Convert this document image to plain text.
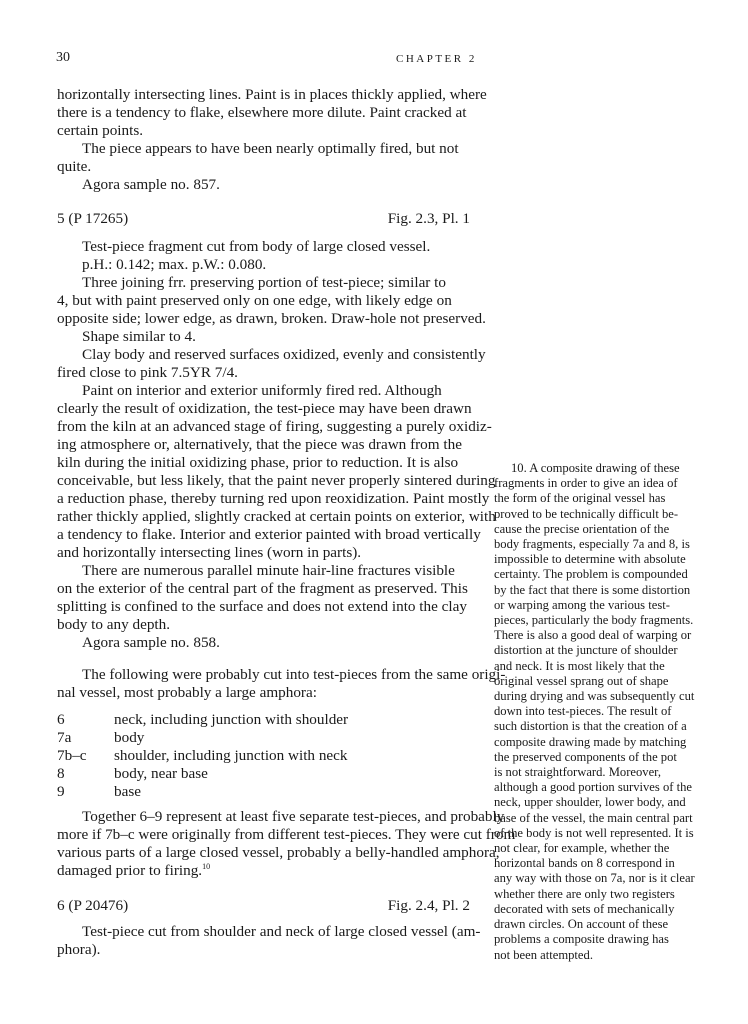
30	CHAPTER 2
horizontally intersecting lines. Paint is in places thickly applied, where
there is a tendency to flake, elsewhere more dilute. Paint cracked at
certain points.
The piece appears to have been nearly optimally fired, but not
quite.
Agora sample no. 857.
5 (P 17265)	Fig. 2.3, Pl. 1
Test-piece fragment cut from body of large closed vessel.
p.H.: 0.142; max. p.W.: 0.080.
Three joining frr. preserving portion of test-piece; similar to
4, but with paint preserved only on one edge, with likely edge on
opposite side; lower edge, as drawn, broken. Draw-hole not preserved.
Shape similar to 4.
Clay body and reserved surfaces oxidized, evenly and consistently
fired close to pink 7.5YR 7/4.
Paint on interior and exterior uniformly fired red. Although
clearly the result of oxidization, the test-piece may have been drawn
from the kiln at an advanced stage of firing, suggesting a purely oxidiz-
ing atmosphere or, alternatively, that the piece was drawn from the
kiln during the initial oxidizing phase, prior to reduction. It is also
conceivable, but less likely, that the paint never properly sintered during
a reduction phase, thereby turning red upon reoxidization. Paint mostly
rather thickly applied, slightly cracked at certain points on exterior, with
a tendency to flake. Interior and exterior painted with broad vertically
and horizontally intersecting lines (worn in parts).
There are numerous parallel minute hair-line fractures visible
on the exterior of the central part of the fragment as preserved. This
splitting is confined to the surface and does not extend into the clay
body to any depth.
Agora sample no. 858.
The following were probably cut into test-pieces from the same origi-
nal vessel, most probably a large amphora:
6	neck, including junction with shoulder
7a	body
7b–c	shoulder, including junction with neck
8	body, near base
9	base
Together 6–9 represent at least five separate test-pieces, and probably
more if 7b–c were originally from different test-pieces. They were cut from
various parts of a large closed vessel, probably a belly-handled amphora,
damaged prior to firing.$^{10}$
6 (P 20476)	Fig. 2.4, Pl. 2
Test-piece cut from shoulder and neck of large closed vessel (am-
phora).
10. A composite drawing of these
fragments in order to give an idea of
the form of the original vessel has
proved to be technically difficult be-
cause the precise orientation of the
body fragments, especially 7a and 8, is
impossible to determine with absolute
certainty. The problem is compounded
by the fact that there is some distortion
or warping among the various test-
pieces, particularly the body fragments.
There is also a good deal of warping or
distortion at the juncture of shoulder
and neck. It is most likely that the
original vessel sprang out of shape
during drying and was subsequently cut
down into test-pieces. The result of
such distortion is that the creation of a
composite drawing made by matching
the preserved components of the pot
is not straightforward. Moreover,
although a good portion survives of the
neck, upper shoulder, lower body, and
base of the vessel, the main central part
of the body is not well represented. It is
not clear, for example, whether the
horizontal bands on 8 correspond in
any way with those on 7a, nor is it clear
whether there are only two registers
decorated with sets of mechanically
drawn circles. On account of these
problems a composite drawing has
not been attempted.
